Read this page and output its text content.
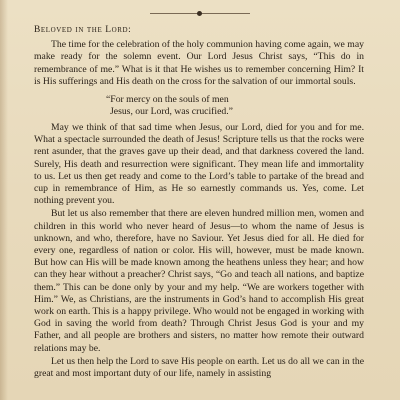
Beloved in the Lord:

The time for the celebration of the holy communion having come again, we may make ready for the solemn event. Our Lord Jesus Christ says, “This do in remembrance of me.” What is it that He wishes us to remember concerning Him? It is His sufferings and His death on the cross for the salvation of our immortal souls.

“For mercy on the souls of men
Jesus, our Lord, was crucified.”

May we think of that sad time when Jesus, our Lord, died for you and for me. What a spectacle surrounded the death of Jesus! Scripture tells us that the rocks were rent asunder, that the graves gave up their dead, and that darkness covered the land. Surely, His death and resurrection were significant. They mean life and immortality to us. Let us then get ready and come to the Lord’s table to partake of the bread and cup in remembrance of Him, as He so earnestly commands us. Yes, come. Let nothing prevent you.

But let us also remember that there are eleven hundred million men, women and children in this world who never heard of Jesus—to whom the name of Jesus is unknown, and who, therefore, have no Saviour. Yet Jesus died for all. He died for every one, regardless of nation or color. His will, however, must be made known. But how can His will be made known among the heathens unless they hear; and how can they hear without a preacher? Christ says, “Go and teach all nations, and baptize them.” This can be done only by your and my help. “We are workers together with Him.” We, as Christians, are the instruments in God’s hand to accomplish His great work on earth. This is a happy privilege. Who would not be engaged in working with God in saving the world from death? Through Christ Jesus God is your and my Father, and all people are brothers and sisters, no matter how remote their outward relations may be.

Let us then help the Lord to save His people on earth. Let us do all we can in the great and most important duty of our life, namely in assisting
